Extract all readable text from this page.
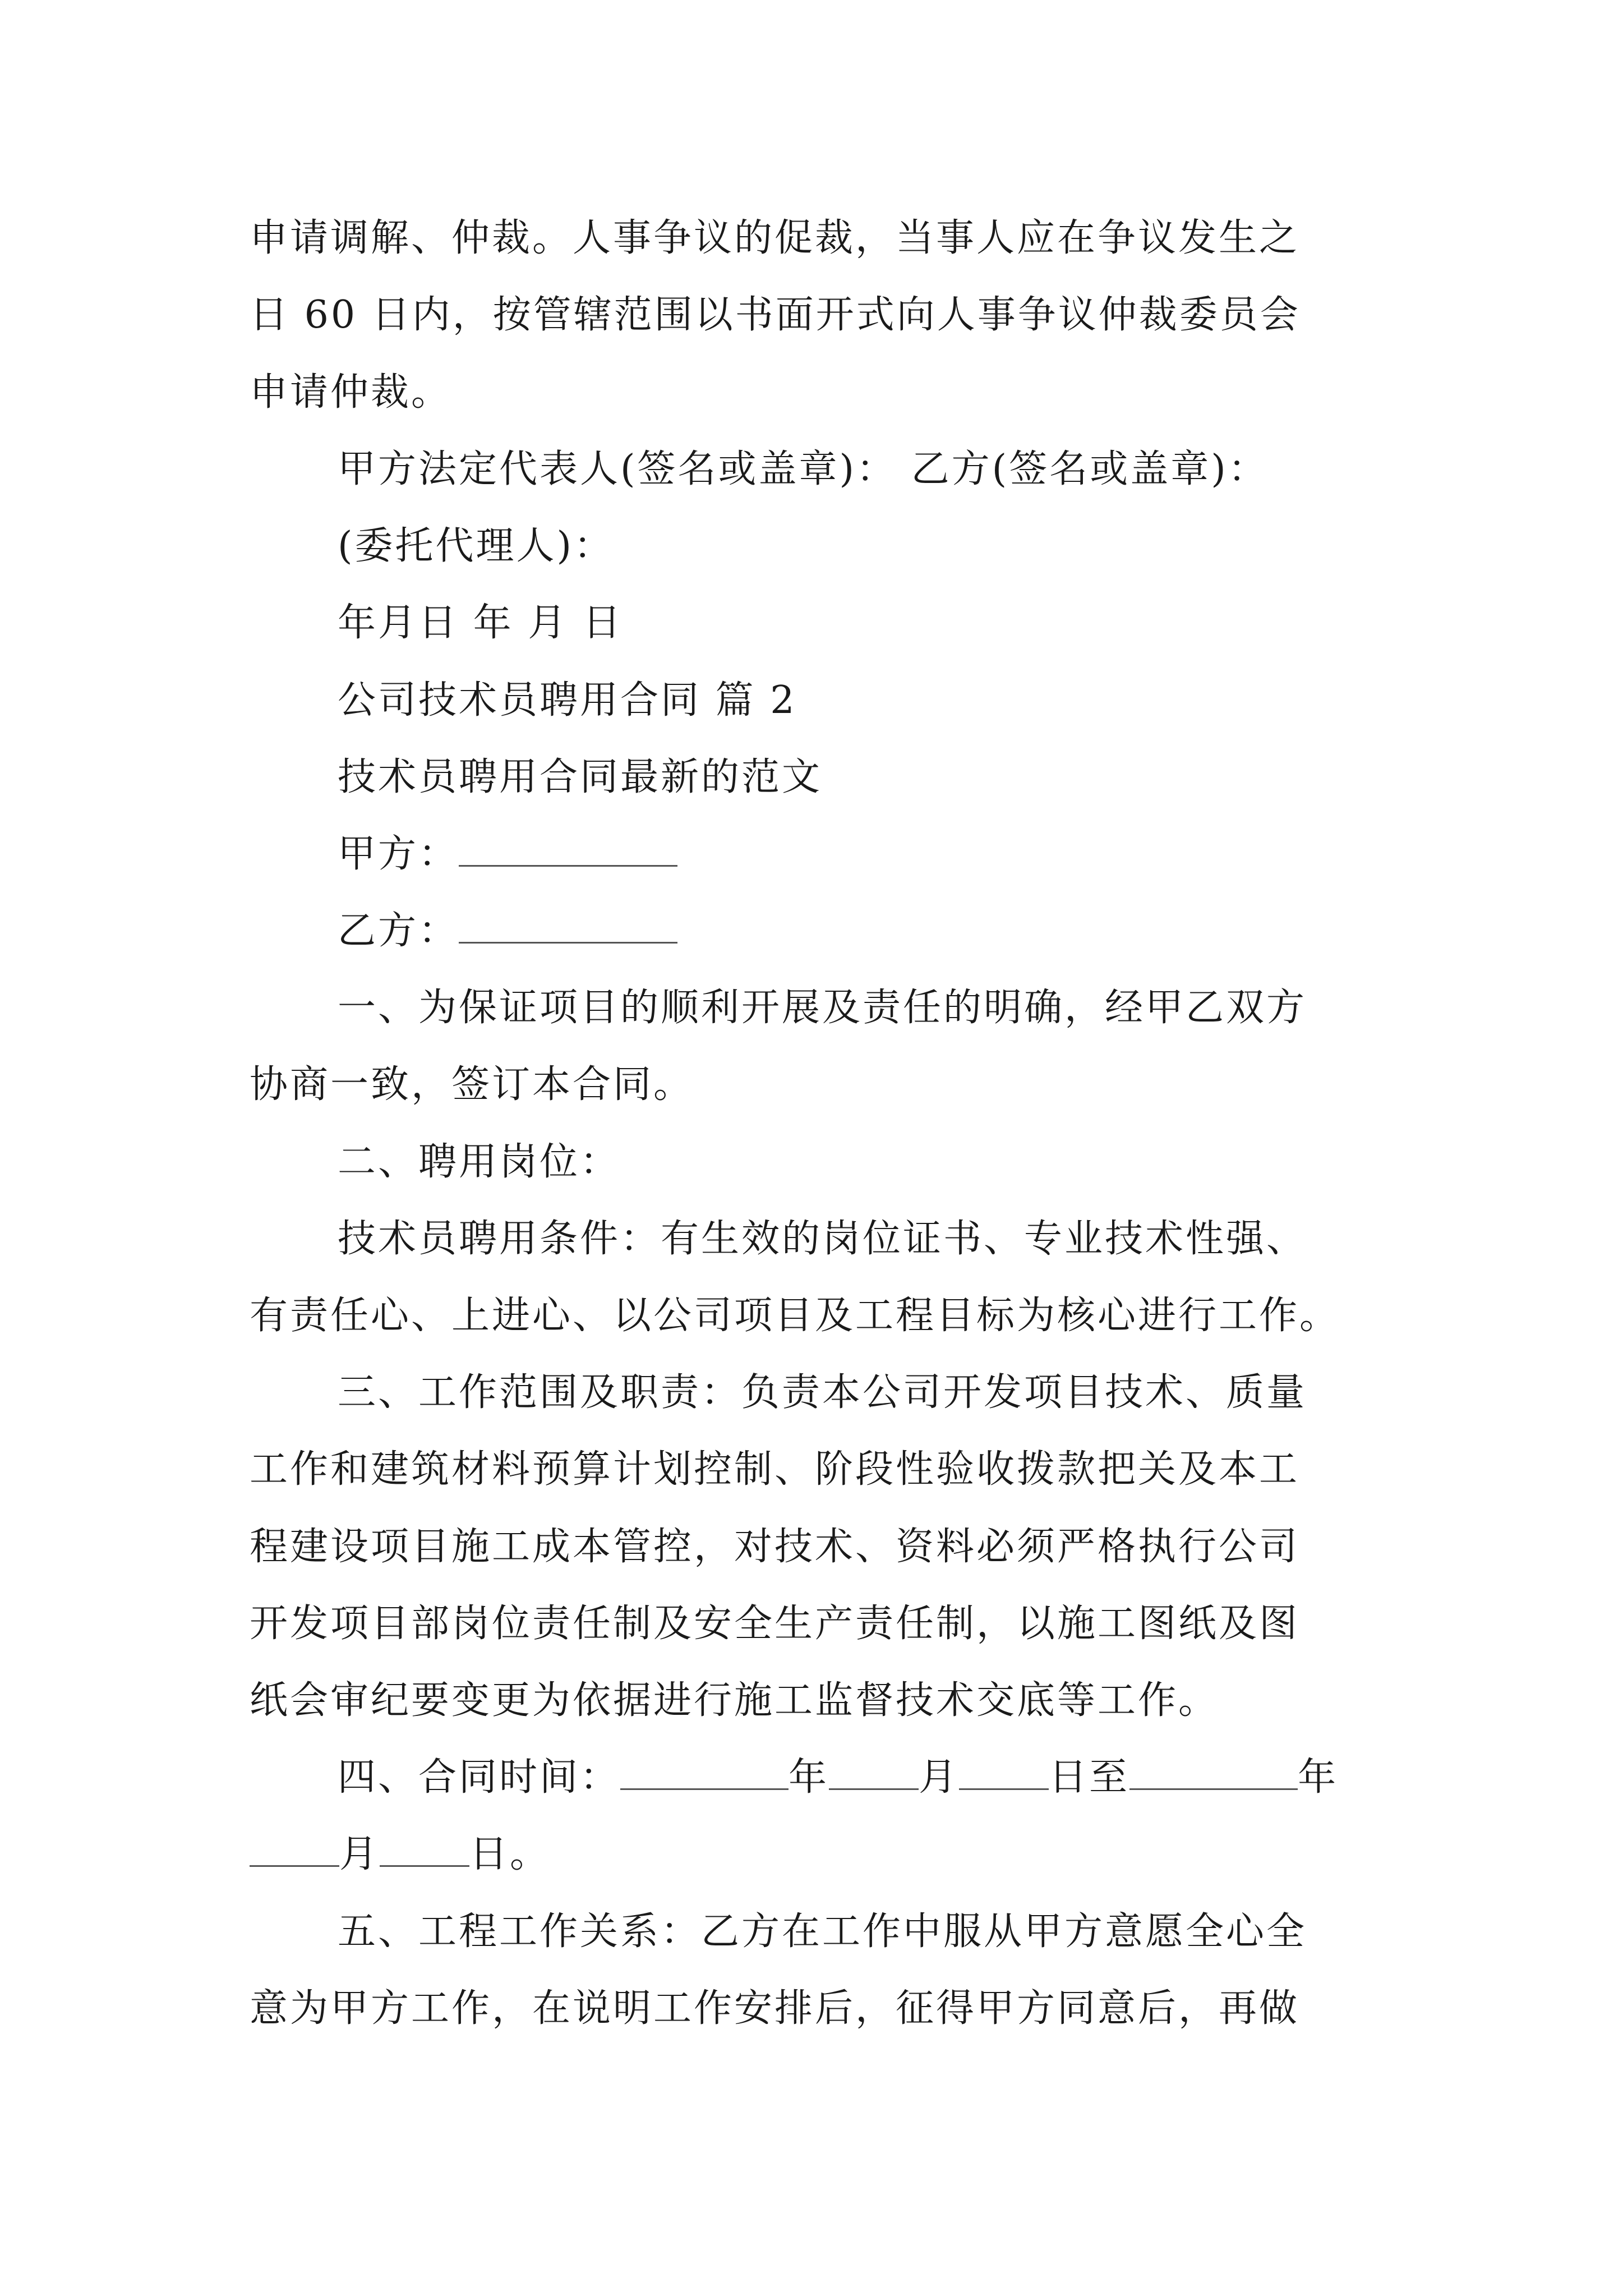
申请调解、仲裁。人事争议的促裁，当事人应在争议发生之
日 60 日内，按管辖范围以书面开式向人事争议仲裁委员会
申请仲裁。
甲方法定代表人(签名或盖章)： 乙方(签名或盖章)：
(委托代理人)：
年月日 年 月 日
公司技术员聘用合同 篇 2
技术员聘用合同最新的范文
甲方：
乙方：
一、为保证项目的顺利开展及责任的明确，经甲乙双方
协商一致，签订本合同。
二、聘用岗位：
技术员聘用条件：有生效的岗位证书、专业技术性强、
有责任心、上进心、以公司项目及工程目标为核心进行工作。
三、工作范围及职责：负责本公司开发项目技术、质量
工作和建筑材料预算计划控制、阶段性验收拨款把关及本工
程建设项目施工成本管控，对技术、资料必须严格执行公司
开发项目部岗位责任制及安全生产责任制，以施工图纸及图
纸会审纪要变更为依据进行施工监督技术交底等工作。
四、合同时间：	年 月 日至	年
月 日。
五、工程工作关系：乙方在工作中服从甲方意愿全心全
意为甲方工作，在说明工作安排后，征得甲方同意后，再做
